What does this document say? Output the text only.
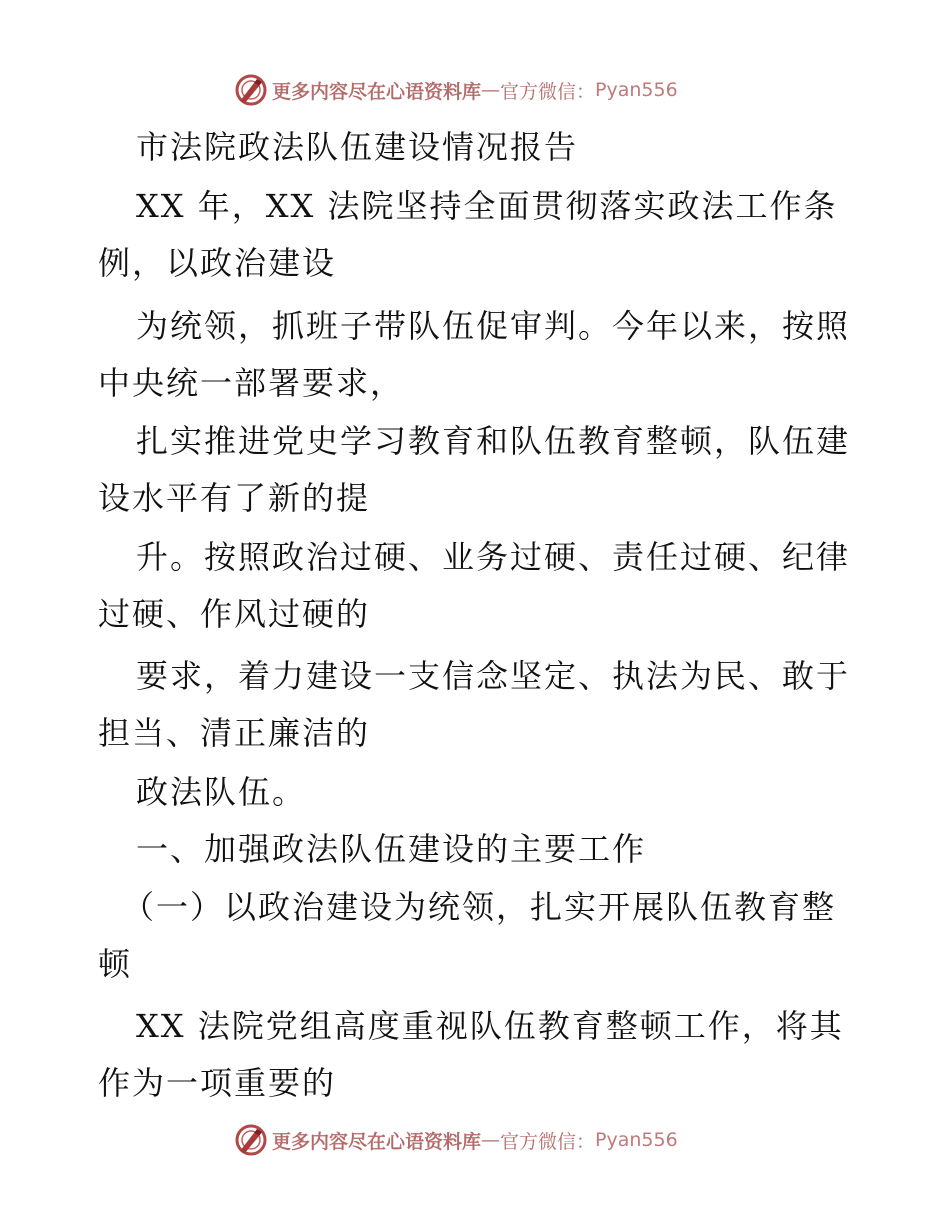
更多内容尽在心语资料库 — 官方微信： Pyan556
市法院政法队伍建设情况报告
XX 年，XX 法院坚持全面贯彻落实政法工作条
例，以政治建设
为统领，抓班子带队伍促审判。今年以来，按照
中央统一部署要求，
扎实推进党史学习教育和队伍教育整顿，队伍建
设水平有了新的提
升。按照政治过硬、业务过硬、责任过硬、纪律
过硬、作风过硬的
要求，着力建设一支信念坚定、执法为民、敢于
担当、清正廉洁的
政法队伍。
一、加强政法队伍建设的主要工作
（一）以政治建设为统领，扎实开展队伍教育整
顿
XX 法院党组高度重视队伍教育整顿工作，将其
作为一项重要的
更多内容尽在心语资料库 — 官方微信： Pyan556
